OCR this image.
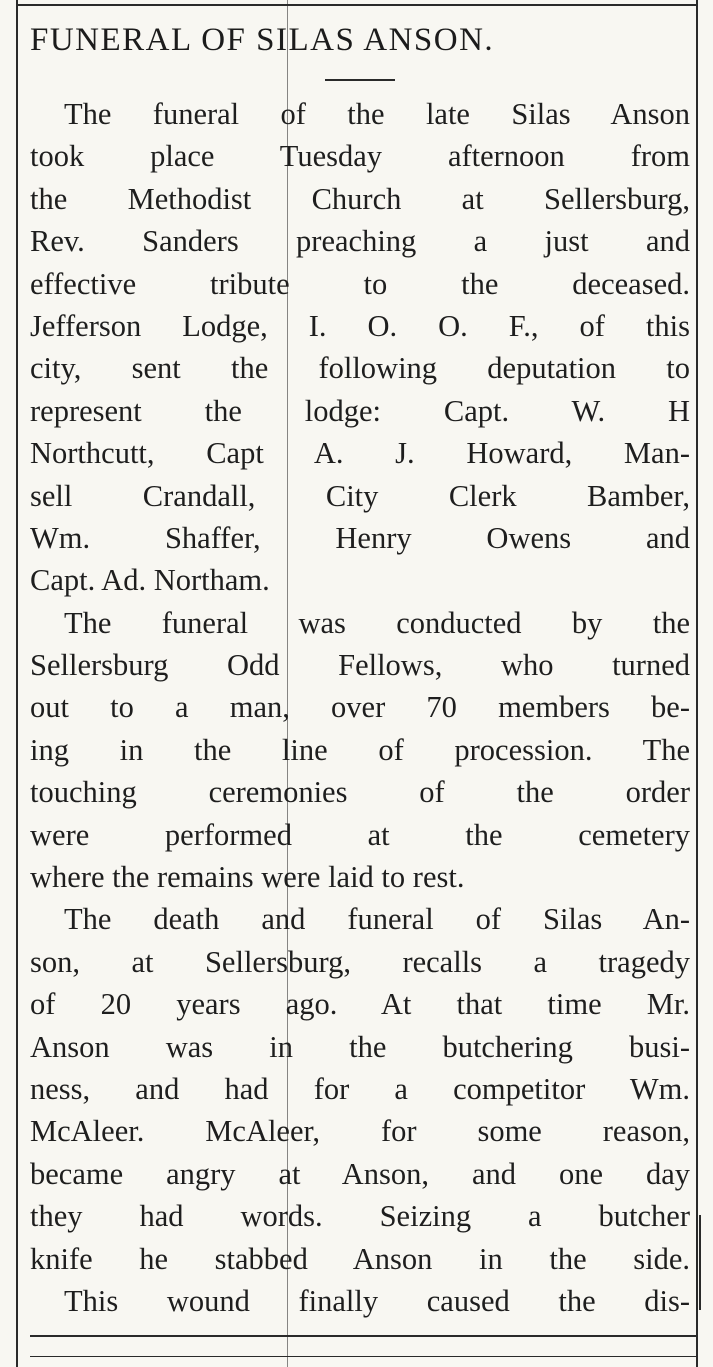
FUNERAL OF SILAS ANSON.
The funeral of the late Silas Anson
took place Tuesday afternoon from
the Methodist Church at Sellersburg,
Rev. Sanders preaching a just and
effective tribute to the deceased.
Jefferson Lodge, I. O. O. F., of this
city, sent the following deputation to
represent the lodge: Capt. W. H
Northcutt, Capt A. J. Howard, Man-
sell Crandall, City Clerk Bamber,
Wm. Shaffer, Henry Owens and
Capt. Ad. Northam.
The funeral was conducted by the
Sellersburg Odd Fellows, who turned
out to a man, over 70 members be-
ing in the line of procession. The
touching ceremonies of the order
were performed at the cemetery
where the remains were laid to rest.
The death and funeral of Silas An-
son, at Sellersburg, recalls a tragedy
of 20 years ago. At that time Mr.
Anson was in the butchering busi-
ness, and had for a competitor Wm.
McAleer. McAleer, for some reason,
became angry at Anson, and one day
they had words. Seizing a butcher
knife he stabbed Anson in the side.
This wound finally caused the dis-
